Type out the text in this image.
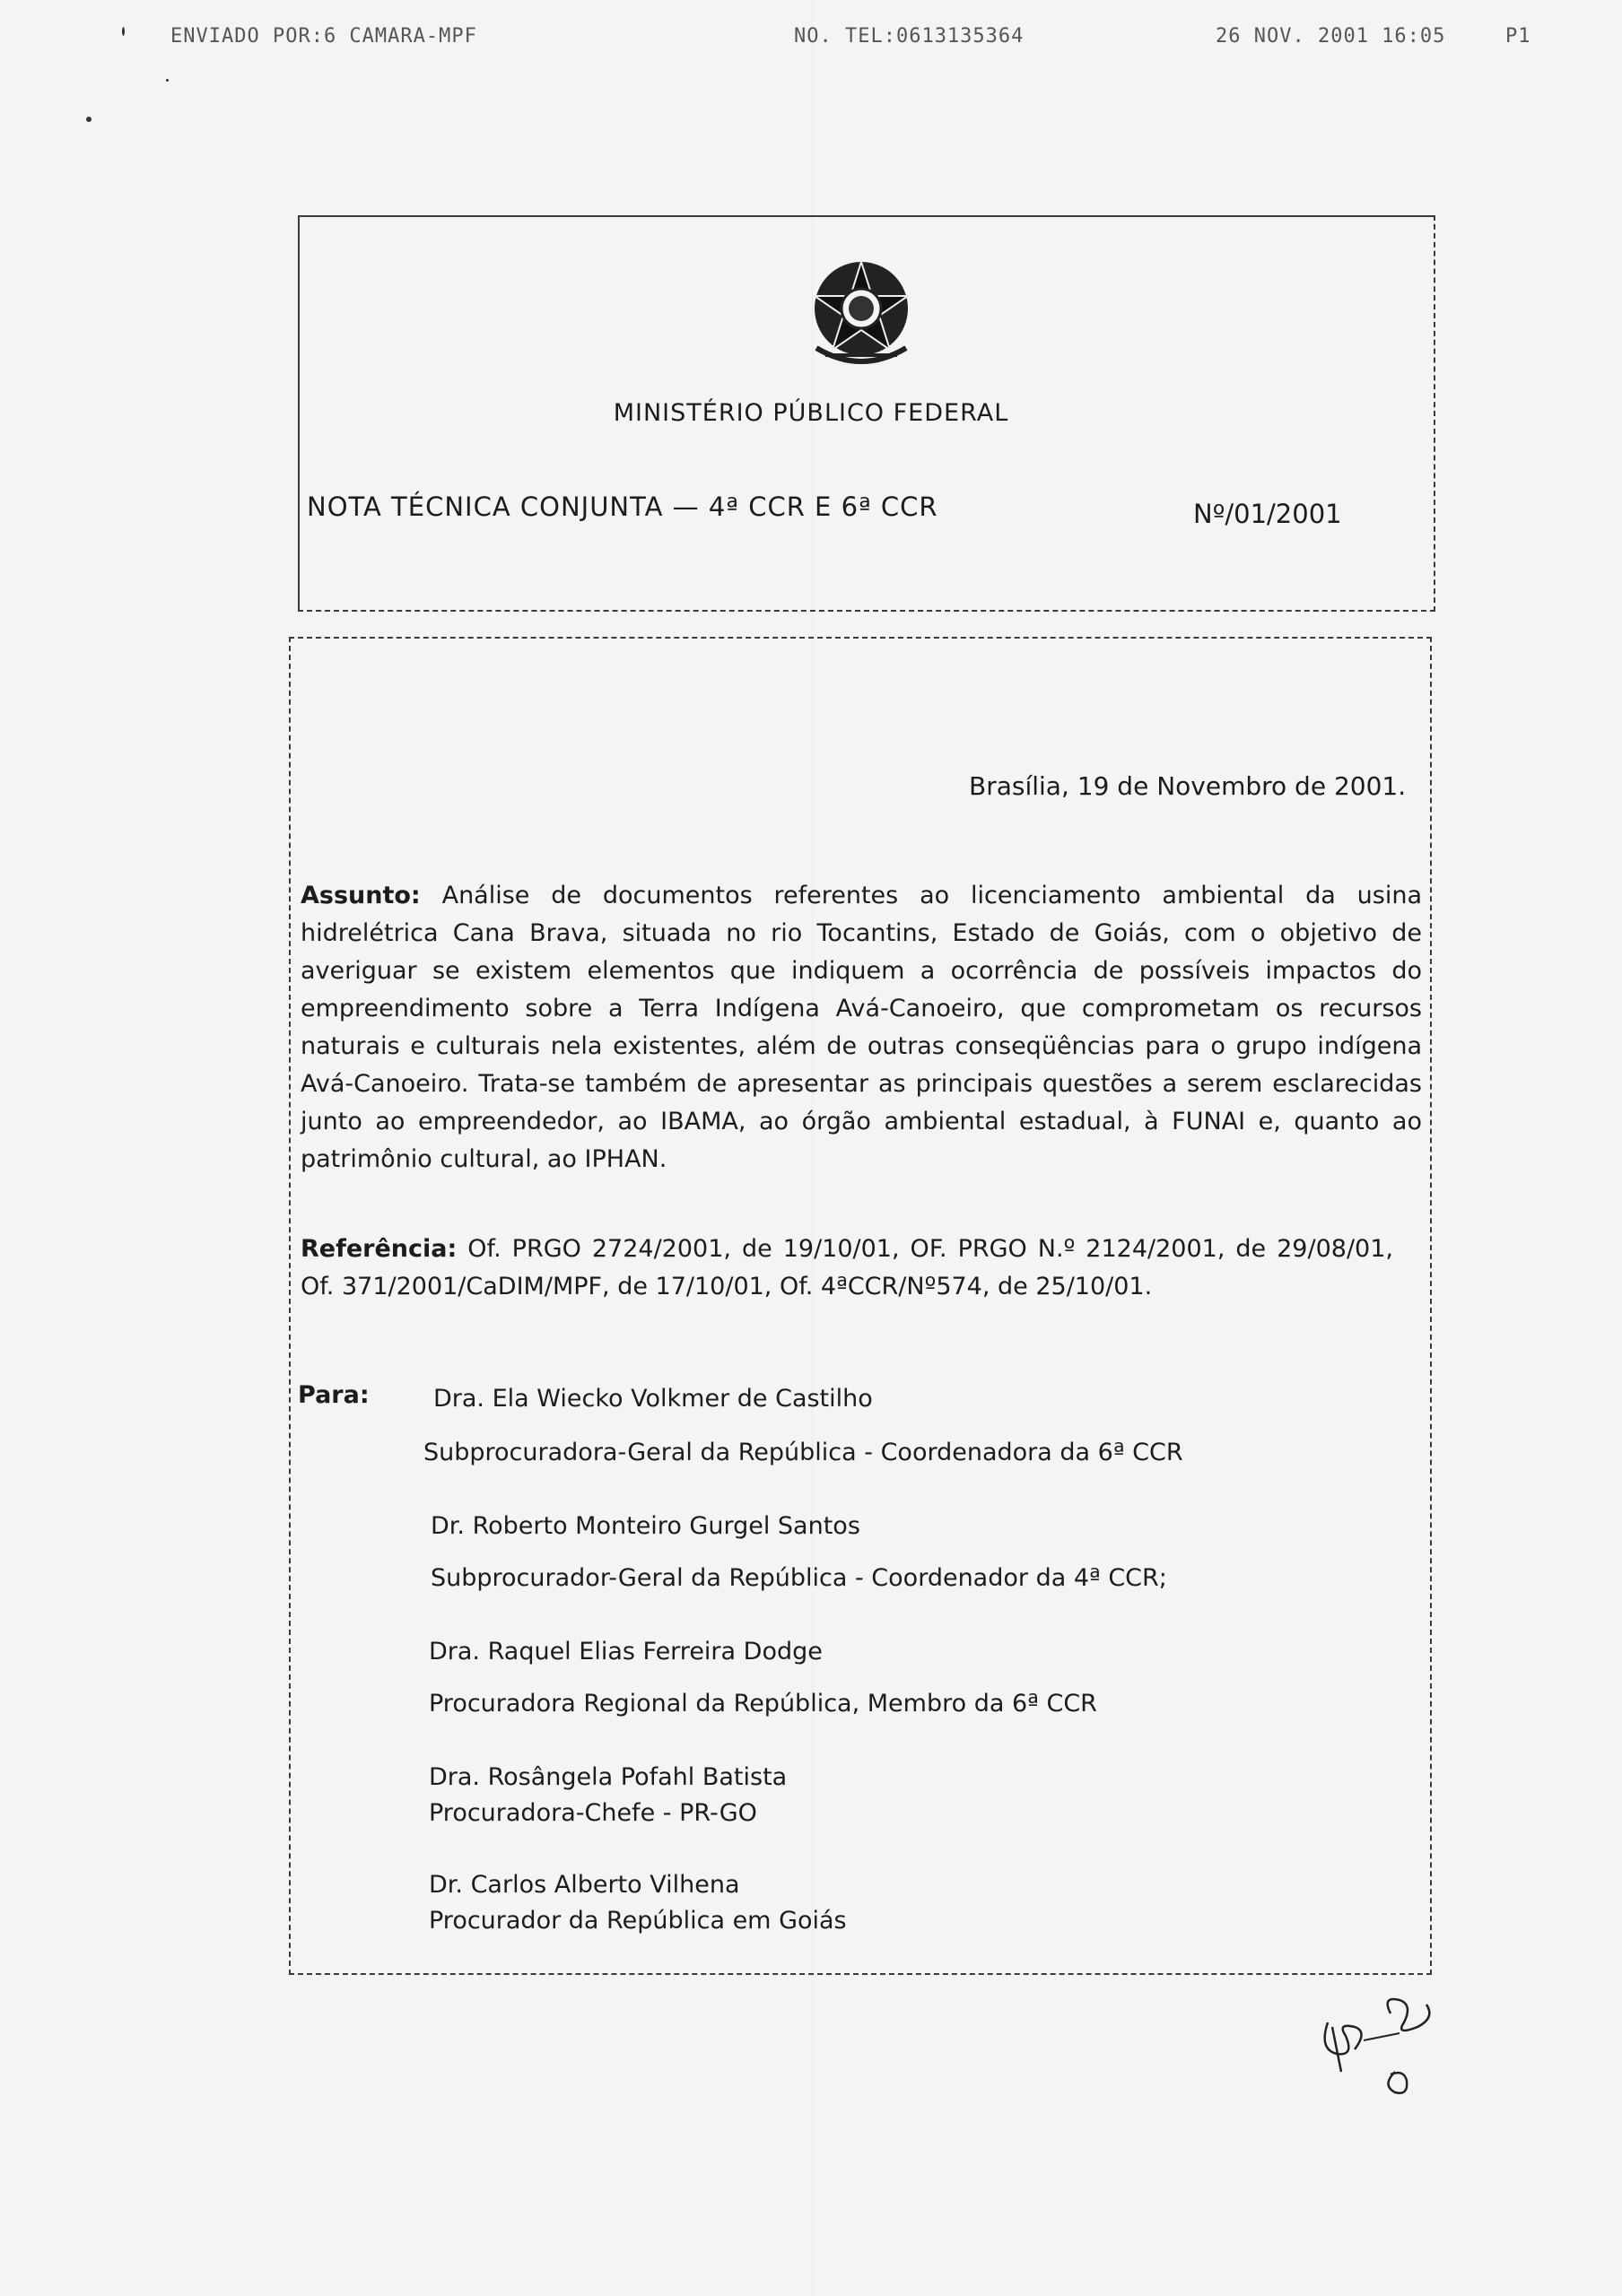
ENVIADO POR:6 CAMARA-MPF	NO. TEL:0613135364	26 NOV. 2001 16:05	P1
MINISTÉRIO PÚBLICO FEDERAL
NOTA TÉCNICA CONJUNTA — 4ª CCR E 6ª CCR	Nº/01/2001
Brasília, 19 de Novembro de 2001.
Assunto: Análise de documentos referentes ao licenciamento ambiental da usina hidrelétrica Cana Brava, situada no rio Tocantins, Estado de Goiás, com o objetivo de averiguar se existem elementos que indiquem a ocorrência de possíveis impactos do empreendimento sobre a Terra Indígena Avá-Canoeiro, que comprometam os recursos naturais e culturais nela existentes, além de outras conseqüências para o grupo indígena Avá-Canoeiro. Trata-se também de apresentar as principais questões a serem esclarecidas junto ao empreendedor, ao IBAMA, ao órgão ambiental estadual, à FUNAI e, quanto ao patrimônio cultural, ao IPHAN.
Referência: Of. PRGO 2724/2001, de 19/10/01, OF. PRGO N.º 2124/2001, de 29/08/01, Of. 371/2001/CaDIM/MPF, de 17/10/01, Of. 4ªCCR/Nº574, de 25/10/01.
Para:	Dra. Ela Wiecko Volkmer de Castilho
Subprocuradora-Geral da República - Coordenadora da 6ª CCR
Dr. Roberto Monteiro Gurgel Santos
Subprocurador-Geral da República - Coordenador da 4ª CCR;
Dra. Raquel Elias Ferreira Dodge
Procuradora Regional da República, Membro da 6ª CCR
Dra. Rosângela Pofahl Batista
Procuradora-Chefe - PR-GO
Dr. Carlos Alberto Vilhena
Procurador da República em Goiás
